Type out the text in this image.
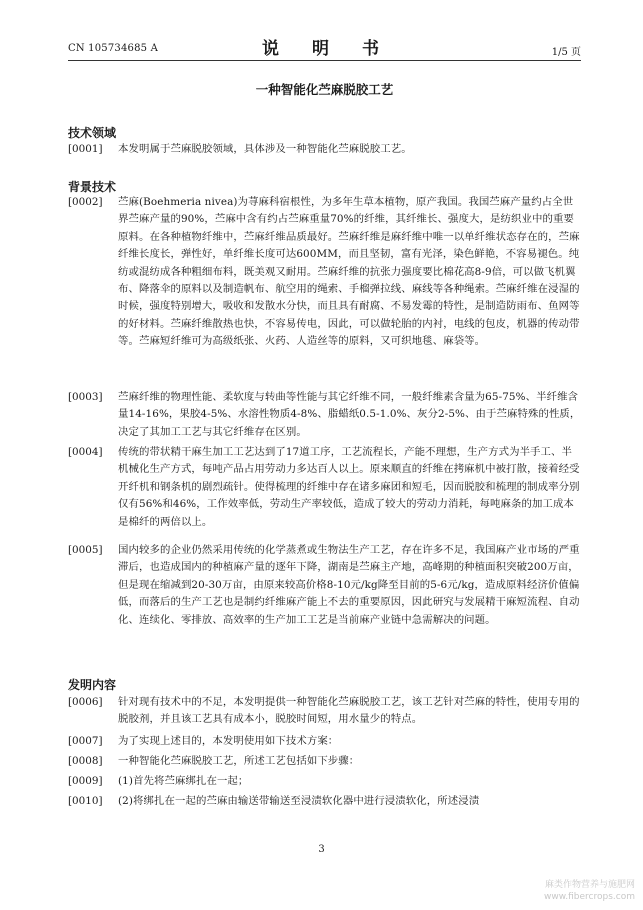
CN 105734685 A	说　明　书	1/5 页
一种智能化苎麻脱胶工艺
技术领域
[0001] 本发明属于苎麻脱胶领域，具体涉及一种智能化苎麻脱胶工艺。
背景技术
[0002] 苎麻(Boehmeria nivea)为荨麻科宿根性，为多年生草本植物，原产我国。我国苎麻产量约占全世界苎麻产量的90%，苎麻中含有约占苎麻重量70%的纤维，其纤维长、强度大，是纺织业中的重要原料。在各种植物纤维中，苎麻纤维品质最好。苎麻纤维是麻纤维中唯一以单纤维状态存在的，苎麻纤维长度长，弹性好，单纤维长度可达600MM，而且坚韧，富有光泽，染色鲜艳，不容易褪色。纯纺或混纺成各种粗细布料，既美观又耐用。苎麻纤维的抗张力强度要比棉花高8-9倍，可以做飞机翼布、降落伞的原料以及制造帆布、航空用的绳索、手榴弹拉线、麻线等各种绳索。苎麻纤维在浸湿的时候，强度特别增大，吸收和发散水分快，而且具有耐腐、不易发霉的特性，是制造防雨布、鱼网等的好材料。苎麻纤维散热也快，不容易传电，因此，可以做轮胎的内衬，电线的包皮，机器的传动带等。苎麻短纤维可为高级纸张、火药、人造丝等的原料，又可织地毯、麻袋等。
[0003] 苎麻纤维的物理性能、柔软度与转曲等性能与其它纤维不同，一般纤维素含量为65-75%、半纤维含量14-16%，果胶4-5%、水溶性物质4-8%、脂蜡纸0.5-1.0%、灰分2-5%、由于苎麻特殊的性质，决定了其加工工艺与其它纤维存在区别。
[0004] 传统的带状精干麻生加工工艺达到了17道工序，工艺流程长，产能不理想，生产方式为半手工、半机械化生产方式，每吨产品占用劳动力多达百人以上。原来顺直的纤维在拷麻机中被打散，接着经受开纤机和钢条机的剧烈疏针。使得梳理的纤维中存在诸多麻团和短毛，因而脱胶和梳理的制成率分别仅有56%和46%，工作效率低，劳动生产率较低，造成了较大的劳动力消耗，每吨麻条的加工成本是棉纤的两倍以上。
[0005] 国内较多的企业仍然采用传统的化学蒸煮或生物法生产工艺，存在许多不足，我国麻产业市场的严重滞后，也造成国内的种植麻产量的逐年下降，湖南是苎麻主产地，高峰期的种植面积突破200万亩，但是现在缩减到20-30万亩，由原来较高价格8-10元/kg降至目前的5-6元/kg，造成原料经济价值偏低，而落后的生产工艺也是制约纤维麻产能上不去的重要原因，因此研究与发展精干麻短流程、自动化、连续化、零排放、高效率的生产加工工艺是当前麻产业链中急需解决的问题。
发明内容
[0006] 针对现有技术中的不足，本发明提供一种智能化苎麻脱胶工艺，该工艺针对苎麻的特性，使用专用的脱胶剂，并且该工艺具有成本小，脱胶时间短，用水量少的特点。
[0007] 为了实现上述目的，本发明使用如下技术方案：
[0008] 一种智能化苎麻脱胶工艺，所述工艺包括如下步骤：
[0009] (1)首先将苎麻绑扎在一起；
[0010] (2)将绑扎在一起的苎麻由输送带输送至浸渍软化器中进行浸渍软化，所述浸渍
3
麻类作物营养与施肥网
www.fibercrops.com
